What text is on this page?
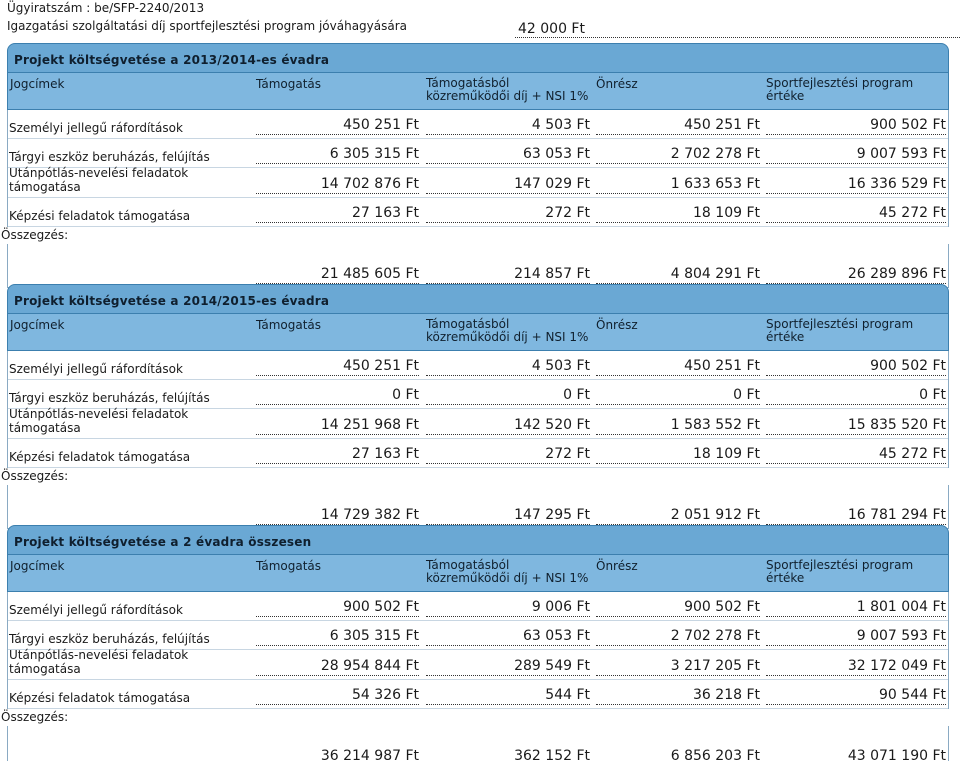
Ügyiratszám : be/SFP-2240/2013
Igazgatási szolgáltatási díj sportfejlesztési program jóváhagyására	42 000 Ft
Projekt költségvetése a 2013/2014-es évadra
Jogcímek	Támogatás	Támogatásból
közreműködői díj + NSI 1%
Önrész	Sportfejlesztési program
értéke
Személyi jellegű ráfordítások	450 251 Ft	4 503 Ft	450 251 Ft	900 502 Ft
Tárgyi eszköz beruházás, felújítás	6 305 315 Ft	63 053 Ft	2 702 278 Ft	9 007 593 Ft
Utánpótlás-nevelési feladatok
támogatása	14 702 876 Ft	147 029 Ft	1 633 653 Ft	16 336 529 Ft
Képzési feladatok támogatása	27 163 Ft	272 Ft	18 109 Ft	45 272 Ft
Összegzés:
21 485 605 Ft	214 857 Ft	4 804 291 Ft	26 289 896 Ft
Projekt költségvetése a 2014/2015-es évadra
Jogcímek	Támogatás	Támogatásból
közreműködői díj + NSI 1%
Önrész	Sportfejlesztési program
értéke
Személyi jellegű ráfordítások	450 251 Ft	4 503 Ft	450 251 Ft	900 502 Ft
Tárgyi eszköz beruházás, felújítás	0 Ft	0 Ft	0 Ft	0 Ft
Utánpótlás-nevelési feladatok
támogatása	14 251 968 Ft	142 520 Ft	1 583 552 Ft	15 835 520 Ft
Képzési feladatok támogatása	27 163 Ft	272 Ft	18 109 Ft	45 272 Ft
Összegzés:
14 729 382 Ft	147 295 Ft	2 051 912 Ft	16 781 294 Ft
Projekt költségvetése a 2 évadra összesen
Jogcímek	Támogatás	Támogatásból
közreműködői díj + NSI 1%
Önrész	Sportfejlesztési program
értéke
Személyi jellegű ráfordítások	900 502 Ft	9 006 Ft	900 502 Ft	1 801 004 Ft
Tárgyi eszköz beruházás, felújítás	6 305 315 Ft	63 053 Ft	2 702 278 Ft	9 007 593 Ft
Utánpótlás-nevelési feladatok
támogatása	28 954 844 Ft	289 549 Ft	3 217 205 Ft	32 172 049 Ft
Képzési feladatok támogatása	54 326 Ft	544 Ft	36 218 Ft	90 544 Ft
Összegzés:
36 214 987 Ft	362 152 Ft	6 856 203 Ft	43 071 190 Ft
